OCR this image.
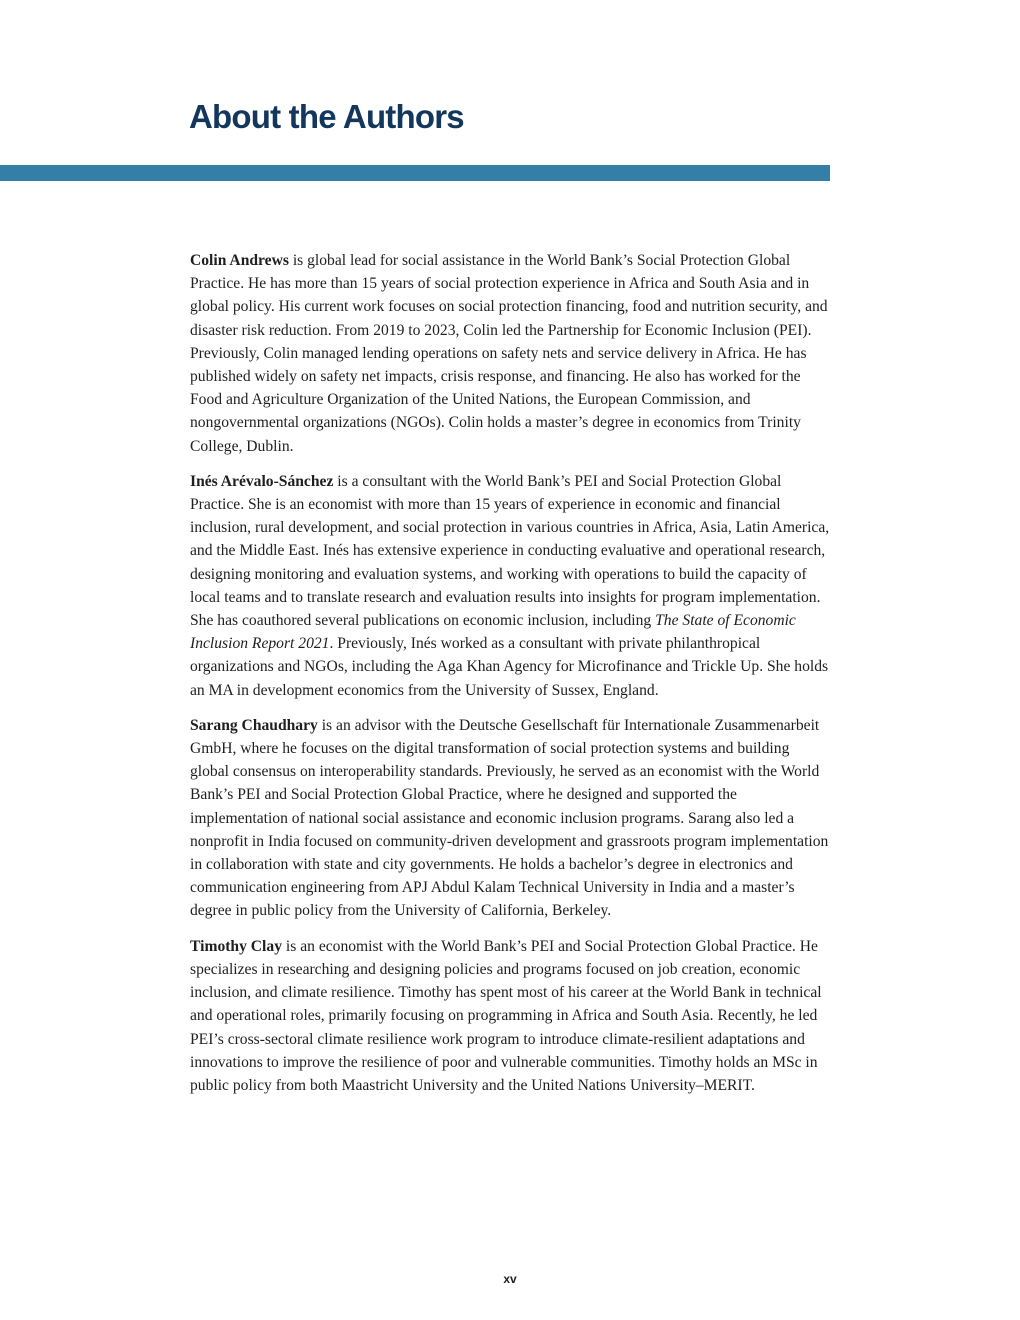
About the Authors

Colin Andrews is global lead for social assistance in the World Bank’s Social Protection Global Practice. He has more than 15 years of social protection experience in Africa and South Asia and in global policy. His current work focuses on social protection financing, food and nutrition security, and disaster risk reduction. From 2019 to 2023, Colin led the Partnership for Economic Inclusion (PEI). Previously, Colin managed lending operations on safety nets and service delivery in Africa. He has published widely on safety net impacts, crisis response, and financing. He also has worked for the Food and Agriculture Organization of the United Nations, the European Commission, and nongovernmental organizations (NGOs). Colin holds a master’s degree in economics from Trinity College, Dublin.

Inés Arévalo-Sánchez is a consultant with the World Bank’s PEI and Social Protection Global Practice. She is an economist with more than 15 years of experience in economic and financial inclusion, rural development, and social protection in various countries in Africa, Asia, Latin America, and the Middle East. Inés has extensive experience in conducting evaluative and operational research, designing monitoring and evaluation systems, and working with operations to build the capacity of local teams and to translate research and evaluation results into insights for program implementation. She has coauthored several publications on economic inclusion, including The State of Economic Inclusion Report 2021. Previously, Inés worked as a consultant with private philanthropical organizations and NGOs, including the Aga Khan Agency for Microfinance and Trickle Up. She holds an MA in development economics from the University of Sussex, England.

Sarang Chaudhary is an advisor with the Deutsche Gesellschaft für Internationale Zusammenarbeit GmbH, where he focuses on the digital transformation of social protection systems and building global consensus on interoperability standards. Previously, he served as an economist with the World Bank’s PEI and Social Protection Global Practice, where he designed and supported the implementation of national social assistance and economic inclusion programs. Sarang also led a nonprofit in India focused on community-driven development and grassroots program implementation in collaboration with state and city governments. He holds a bachelor’s degree in electronics and communication engineering from APJ Abdul Kalam Technical University in India and a master’s degree in public policy from the University of California, Berkeley.

Timothy Clay is an economist with the World Bank’s PEI and Social Protection Global Practice. He specializes in researching and designing policies and programs focused on job creation, economic inclusion, and climate resilience. Timothy has spent most of his career at the World Bank in technical and operational roles, primarily focusing on programming in Africa and South Asia. Recently, he led PEI’s cross-sectoral climate resilience work program to introduce climate-resilient adaptations and innovations to improve the resilience of poor and vulnerable communities. Timothy holds an MSc in public policy from both Maastricht University and the United Nations University–MERIT.

xv
